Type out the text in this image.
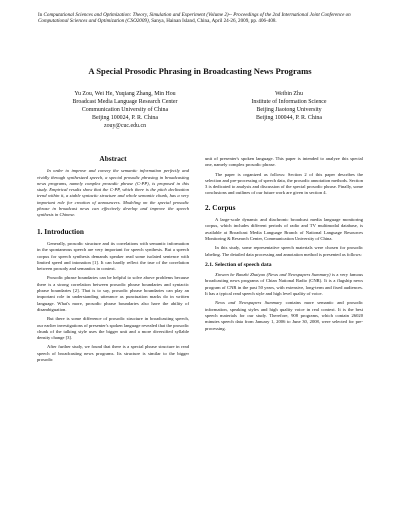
In Computational Sciences and Optimization: Theory, Simulation and Experiment (Volume 2)-- Proceedings of the 2nd International Joint Conference on Computational Sciences and Optimization (CSO2009), Sanya, Hainan Island, China, April 24-26, 2009, pp. 406-408.
A Special Prosodic Phrasing in Broadcasting News Programs
Yu Zou, Wei He, Yuqiang Zhang, Min Hou
Broadcast Media Language Research Center
Communication University of China
Beijing 100024, P. R. China
zouy@cuc.edu.cn
Weibin Zhu
Institute of Information Science
Beijing Jiaotong University
Beijing 100044, P. R. China
Abstract

In order to improve and convey the semantic information perfectly and vividly through synthesized speech, a special prosodic phrasing in broadcasting news programs, namely complex prosodic phrase (C-PP), is proposed in this study. Empirical results show that the C-PP, which there is the pitch declination trend within it, a stable syntactic structure and whole semantic chunk, has a very important role for creation of announcers. Modeling on the special prosodic phrase in broadcast news can effectively develop and improve the speech synthesis in Chinese.

1. Introduction

Generally, prosodic structure and its correlations with semantic information in the spontaneous speech are very important for speech synthesis. But a speech corpus for speech synthesis demands speaker read some isolated sentence with limited speed and intonation [1]. It can hardly reflect the true of the correlation between prosody and semantics in context.

Prosodic phrase boundaries can be helpful to solve above problems because there is a strong correlation between prosodic phrase boundaries and syntactic phrase boundaries [2]. That is to say, prosodic phrase boundaries can play an important role in understanding utterance as punctuation marks do in written language. What's more, prosodic phrase boundaries also have the ability of disambiguation.

But there is some difference of prosodic structure in broadcasting speech, our earlier investigations of presenter's spoken language revealed that the prosodic chunk of the talking style uses the bigger unit and a more diversified syllable density change [3].

After further study, we found that there is a special phrase structure in read speech of broadcasting news programs. Its structure is similar to the bigger prosodic

unit of presenter's spoken language. This paper is intended to analyze this special one, namely complex prosodic phrase.

The paper is organized as follows: Section 2 of this paper describes the selection and pre-processing of speech data, the prosodic annotation methods. Section 3 is dedicated to analysis and discussion of the special prosodic phrase. Finally, some conclusions and outlines of our future work are given in section 4.

2. Corpus

A large-scale dynamic and diachronic broadcast media language monitoring corpus, which includes different periods of radio and TV multimodal database, is available at Broadcast Media Language Branch of National Language Resources Monitoring & Research Center, Communication University of China.

In this study, some representative speech materials were chosen for prosodic labeling. The detailed data processing and annotation method is presented as follows:

2.1. Selection of speech data

Xinwen he Baozhi Zhaiyao (News and Newspapers Summary) is a very famous broadcasting news programs of Chian National Radio (CNR). It is a flagship news program of CNR in the past 50 years, with extensive, long-term and fixed audiences. It has a typical read speech style and high level quality of voice.

News and Newspapers Summary contains more semantic and prosodic information, speaking styles and high quality voice in real context. It is the best speech materials for our study. Therefore, 908 programs, which contain 26020 minutes speech data from January 1, 2006 to June 30, 2008, were selected for pre-processing.
